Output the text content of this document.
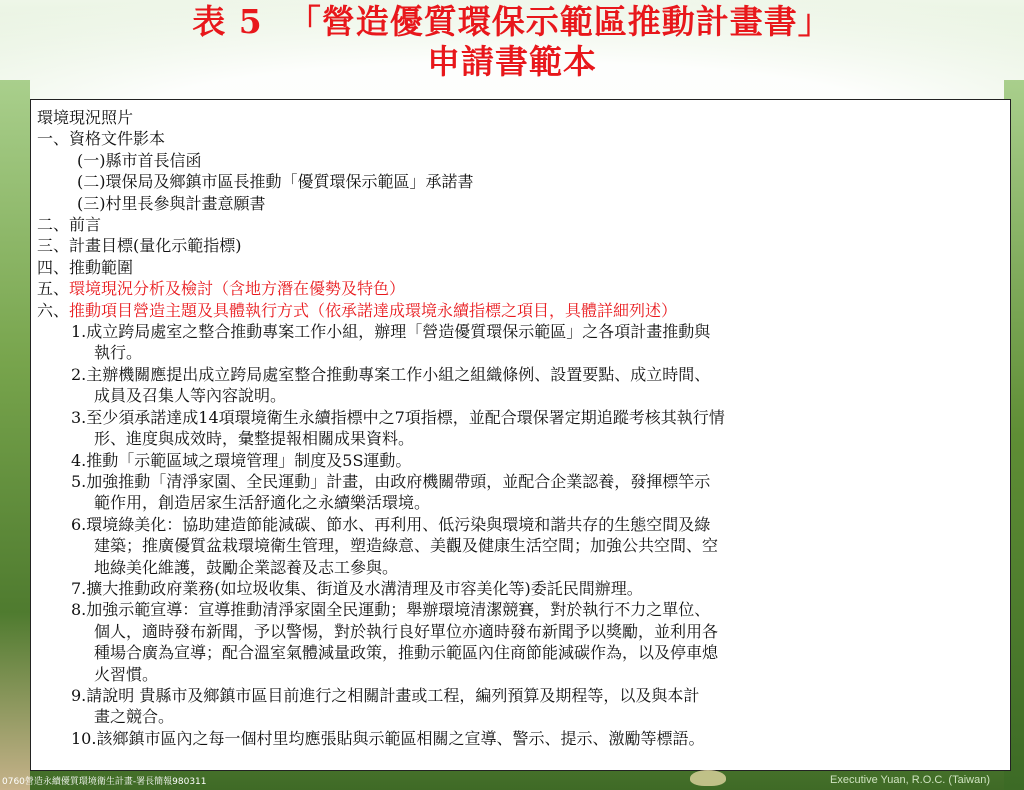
表 5  「營造優質環保示範區推動計畫書」
申請書範本
環境現況照片
一、資格文件影本
(一)縣市首長信函
(二)環保局及鄉鎮市區長推動「優質環保示範區」承諾書
(三)村里長參與計畫意願書
二、前言
三、計畫目標(量化示範指標)
四、推動範圍
五、環境現況分析及檢討（含地方潛在優勢及特色）
六、推動項目營造主題及具體執行方式（依承諾達成環境永續指標之項目，具體詳細列述）
1.成立跨局處室之整合推動專案工作小組，辦理「營造優質環保示範區」之各項計畫推動與
執行。
2.主辦機關應提出成立跨局處室整合推動專案工作小組之組織條例、設置要點、成立時間、
成員及召集人等內容說明。
3.至少須承諾達成14項環境衛生永續指標中之7項指標，並配合環保署定期追蹤考核其執行情
形、進度與成效時，彙整提報相關成果資料。
4.推動「示範區域之環境管理」制度及5S運動。
5.加強推動「清淨家園、全民運動」計畫，由政府機關帶頭，並配合企業認養，發揮標竿示
範作用，創造居家生活舒適化之永續樂活環境。
6.環境綠美化：協助建造節能減碳、節水、再利用、低污染與環境和諧共存的生態空間及綠
建築；推廣優質盆栽環境衛生管理，塑造綠意、美觀及健康生活空間；加強公共空間、空
地綠美化維護，鼓勵企業認養及志工參與。
7.擴大推動政府業務(如垃圾收集、街道及水溝清理及市容美化等)委託民間辦理。
8.加強示範宣導：宣導推動清淨家園全民運動；舉辦環境清潔競賽，對於執行不力之單位、
個人，適時發布新聞，予以警惕，對於執行良好單位亦適時發布新聞予以獎勵，並利用各
種場合廣為宣導；配合溫室氣體減量政策，推動示範區內住商節能減碳作為，以及停車熄
火習慣。
9.請說明 貴縣市及鄉鎮市區目前進行之相關計畫或工程，編列預算及期程等，以及與本計
畫之競合。
10.該鄉鎮市區內之每一個村里均應張貼與示範區相關之宣導、警示、提示、激勵等標語。
0760營造永續優質環境衛生計畫-署長簡報980311	Executive Yuan, R.O.C. (Taiwan)
